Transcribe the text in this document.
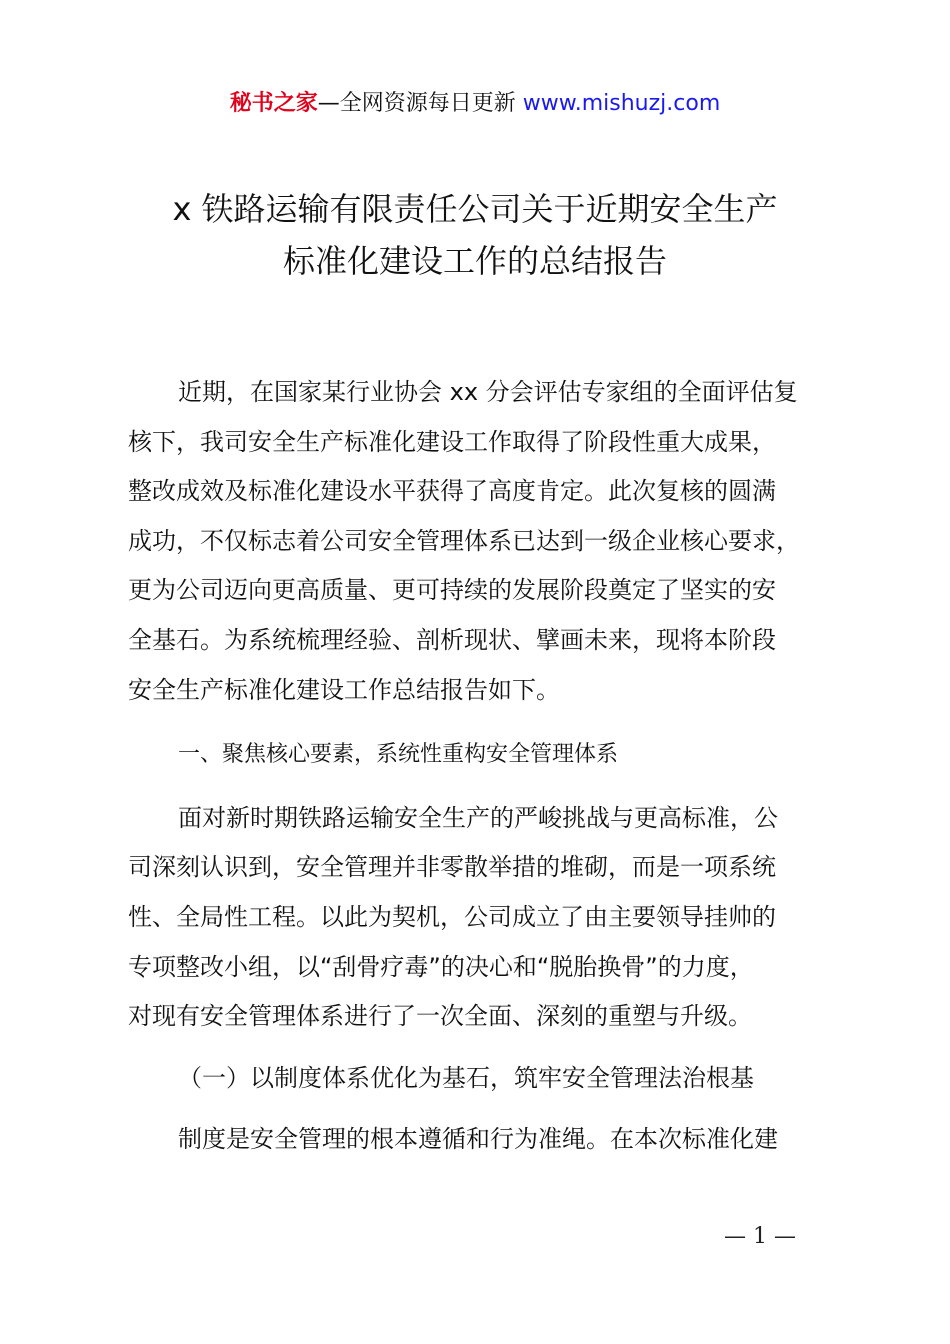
秘书之家—全网资源每日更新 www.mishuzj.com
x 铁路运输有限责任公司关于近期安全生产
标准化建设工作的总结报告

近期，在国家某行业协会 xx 分会评估专家组的全面评估复
核下，我司安全生产标准化建设工作取得了阶段性重大成果，
整改成效及标准化建设水平获得了高度肯定。此次复核的圆满
成功，不仅标志着公司安全管理体系已达到一级企业核心要求，
更为公司迈向更高质量、更可持续的发展阶段奠定了坚实的安
全基石。为系统梳理经验、剖析现状、擘画未来，现将本阶段
安全生产标准化建设工作总结报告如下。

一、聚焦核心要素，系统性重构安全管理体系

面对新时期铁路运输安全生产的严峻挑战与更高标准，公
司深刻认识到，安全管理并非零散举措的堆砌，而是一项系统
性、全局性工程。以此为契机，公司成立了由主要领导挂帅的
专项整改小组，以“刮骨疗毒”的决心和“脱胎换骨”的力度，
对现有安全管理体系进行了一次全面、深刻的重塑与升级。

（一）以制度体系优化为基石，筑牢安全管理法治根基

制度是安全管理的根本遵循和行为准绳。在本次标准化建

— 1 —
